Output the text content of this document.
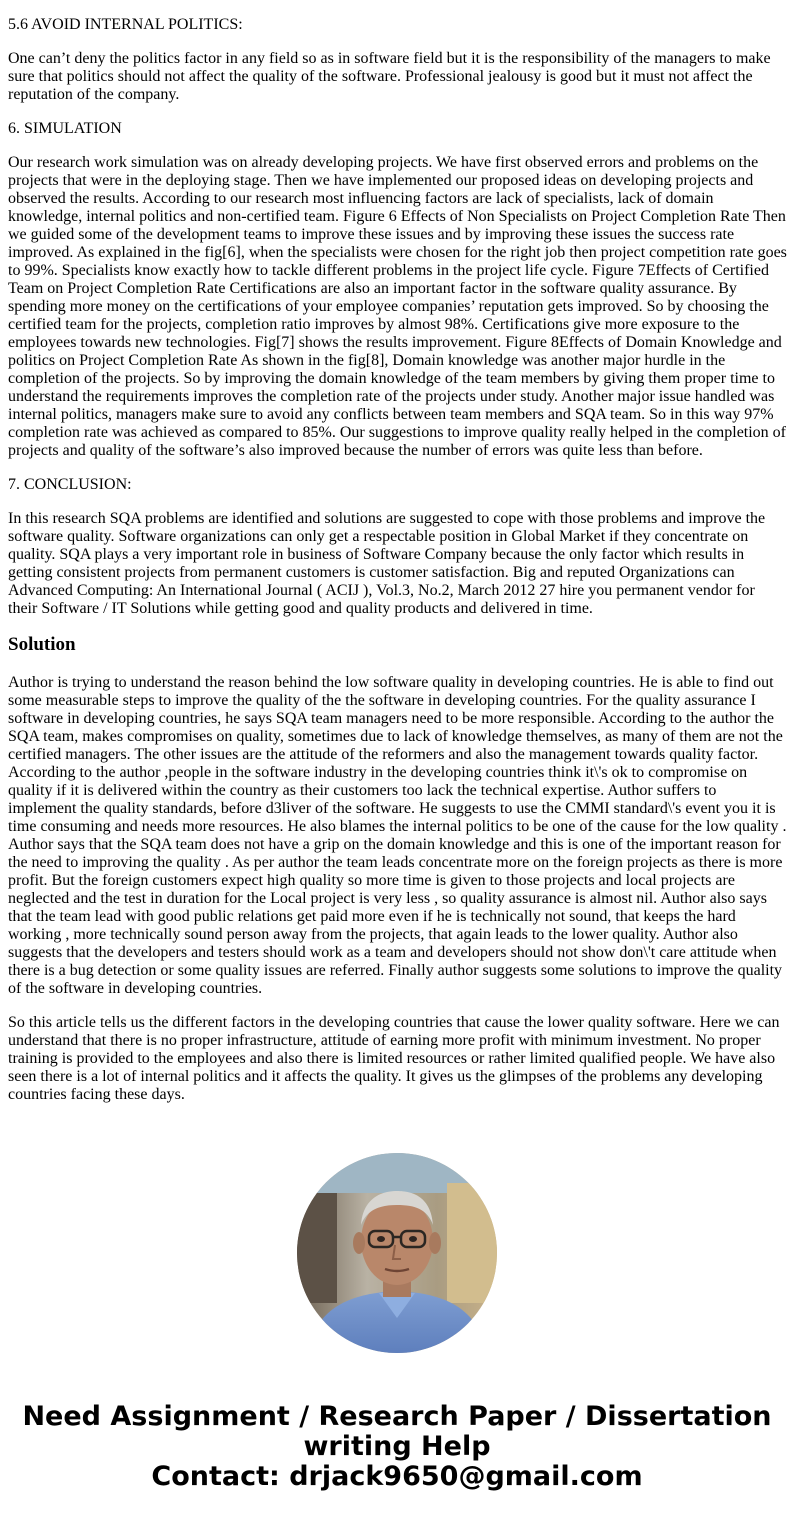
5.6 AVOID INTERNAL POLITICS:

One can’t deny the politics factor in any field so as in software field but it is the responsibility of the managers to make sure that politics should not affect the quality of the software. Professional jealousy is good but it must not affect the reputation of the company.

6. SIMULATION

Our research work simulation was on already developing projects. We have first observed errors and problems on the projects that were in the deploying stage. Then we have implemented our proposed ideas on developing projects and observed the results. According to our research most influencing factors are lack of specialists, lack of domain knowledge, internal politics and non-certified team. Figure 6 Effects of Non Specialists on Project Completion Rate Then we guided some of the development teams to improve these issues and by improving these issues the success rate improved. As explained in the fig[6], when the specialists were chosen for the right job then project competition rate goes to 99%. Specialists know exactly how to tackle different problems in the project life cycle. Figure 7Effects of Certified Team on Project Completion Rate Certifications are also an important factor in the software quality assurance. By spending more money on the certifications of your employee companies’ reputation gets improved. So by choosing the certified team for the projects, completion ratio improves by almost 98%. Certifications give more exposure to the employees towards new technologies. Fig[7] shows the results improvement. Figure 8Effects of Domain Knowledge and politics on Project Completion Rate As shown in the fig[8], Domain knowledge was another major hurdle in the completion of the projects. So by improving the domain knowledge of the team members by giving them proper time to understand the requirements improves the completion rate of the projects under study. Another major issue handled was internal politics, managers make sure to avoid any conflicts between team members and SQA team. So in this way 97% completion rate was achieved as compared to 85%. Our suggestions to improve quality really helped in the completion of projects and quality of the software’s also improved because the number of errors was quite less than before.

7. CONCLUSION:

In this research SQA problems are identified and solutions are suggested to cope with those problems and improve the software quality. Software organizations can only get a respectable position in Global Market if they concentrate on quality. SQA plays a very important role in business of Software Company because the only factor which results in getting consistent projects from permanent customers is customer satisfaction. Big and reputed Organizations can Advanced Computing: An International Journal ( ACIJ ), Vol.3, No.2, March 2012 27 hire you permanent vendor for their Software / IT Solutions while getting good and quality products and delivered in time.

Solution

Author is trying to understand the reason behind the low software quality in developing countries. He is able to find out some measurable steps to improve the quality of the the software in developing countries. For the quality assurance I software in developing countries, he says SQA team managers need to be more responsible. According to the author the SQA team, makes compromises on quality, sometimes due to lack of knowledge themselves, as many of them are not the certified managers. The other issues are the attitude of the reformers and also the management towards quality factor. According to the author ,people in the software industry in the developing countries think it\'s ok to compromise on quality if it is delivered within the country as their customers too lack the technical expertise. Author suffers to implement the quality standards, before d3liver of the software. He suggests to use the CMMI standard\'s event you it is time consuming and needs more resources. He also blames the internal politics to be one of the cause for the low quality . Author says that the SQA team does not have a grip on the domain knowledge and this is one of the important reason for the need to improving the quality . As per author the team leads concentrate more on the foreign projects as there is more profit. But the foreign customers expect high quality so more time is given to those projects and local projects are neglected and the test in duration for the Local project is very less , so quality assurance is almost nil. Author also says that the team lead with good public relations get paid more even if he is technically not sound, that keeps the hard working , more technically sound person away from the projects, that again leads to the lower quality. Author also suggests that the developers and testers should work as a team and developers should not show don\'t care attitude when there is a bug detection or some quality issues are referred. Finally author suggests some solutions to improve the quality of the software in developing countries.

So this article tells us the different factors in the developing countries that cause the lower quality software. Here we can understand that there is no proper infrastructure, attitude of earning more profit with minimum investment. No proper training is provided to the employees and also there is limited resources or rather limited qualified people. We have also seen there is a lot of internal politics and it affects the quality. It gives us the glimpses of the problems any developing countries facing these days.

Need Assignment / Research Paper / Dissertation
writing Help
Contact: drjack9650@gmail.com
